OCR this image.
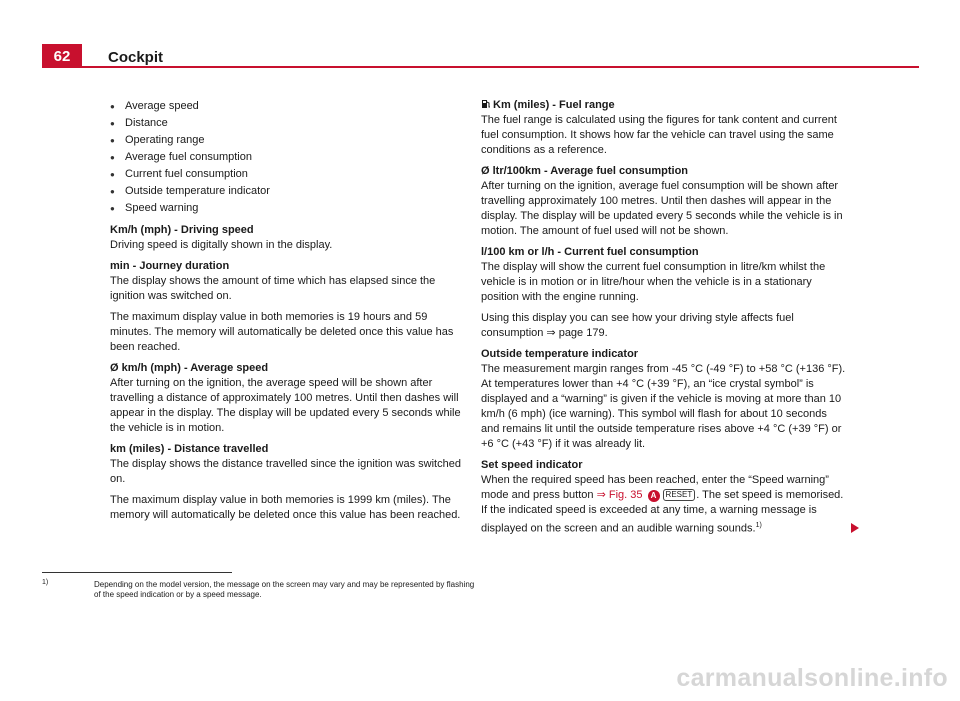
62	Cockpit
● Average speed
● Distance
● Operating range
● Average fuel consumption
● Current fuel consumption
● Outside temperature indicator
● Speed warning
Km/h (mph) - Driving speed
Driving speed is digitally shown in the display.
min - Journey duration
The display shows the amount of time which has elapsed since the ignition was switched on.
The maximum display value in both memories is 19 hours and 59 minutes. The memory will automatically be deleted once this value has been reached.
Ø km/h (mph) - Average speed
After turning on the ignition, the average speed will be shown after travelling a distance of approximately 100 metres. Until then dashes will appear in the display. The display will be updated every 5 seconds while the vehicle is in motion.
km (miles) - Distance travelled
The display shows the distance travelled since the ignition was switched on.
The maximum display value in both memories is 1999 km (miles). The memory will automatically be deleted once this value has been reached.
Km (miles) - Fuel range
The fuel range is calculated using the figures for tank content and current fuel consumption. It shows how far the vehicle can travel using the same conditions as a reference.
Ø ltr/100km - Average fuel consumption
After turning on the ignition, average fuel consumption will be shown after travelling approximately 100 metres. Until then dashes will appear in the display. The display will be updated every 5 seconds while the vehicle is in motion. The amount of fuel used will not be shown.
l/100 km or l/h - Current fuel consumption
The display will show the current fuel consumption in litre/km whilst the vehicle is in motion or in litre/hour when the vehicle is in a stationary position with the engine running.
Using this display you can see how your driving style affects fuel consumption ⇒ page 179.
Outside temperature indicator
The measurement margin ranges from -45 °C (-49 °F) to +58 °C (+136 °F). At temperatures lower than +4 °C (+39 °F), an “ice crystal symbol” is displayed and a “warning” is given if the vehicle is moving at more than 10 km/h (6 mph) (ice warning). This symbol will flash for about 10 seconds and remains lit until the outside temperature rises above +4 °C (+39 °F) or +6 °C (+43 °F) if it was already lit.
Set speed indicator
When the required speed has been reached, enter the “Speed warning” mode and press button ⇒ Fig. 35 A RESET . The set speed is memorised. If the indicated speed is exceeded at any time, a warning message is displayed on the screen and an audible warning sounds.$^{1)}$
1)	Depending on the model version, the message on the screen may vary and may be represented by flashing of the speed indication or by a speed message.
carmanualsonline.info
